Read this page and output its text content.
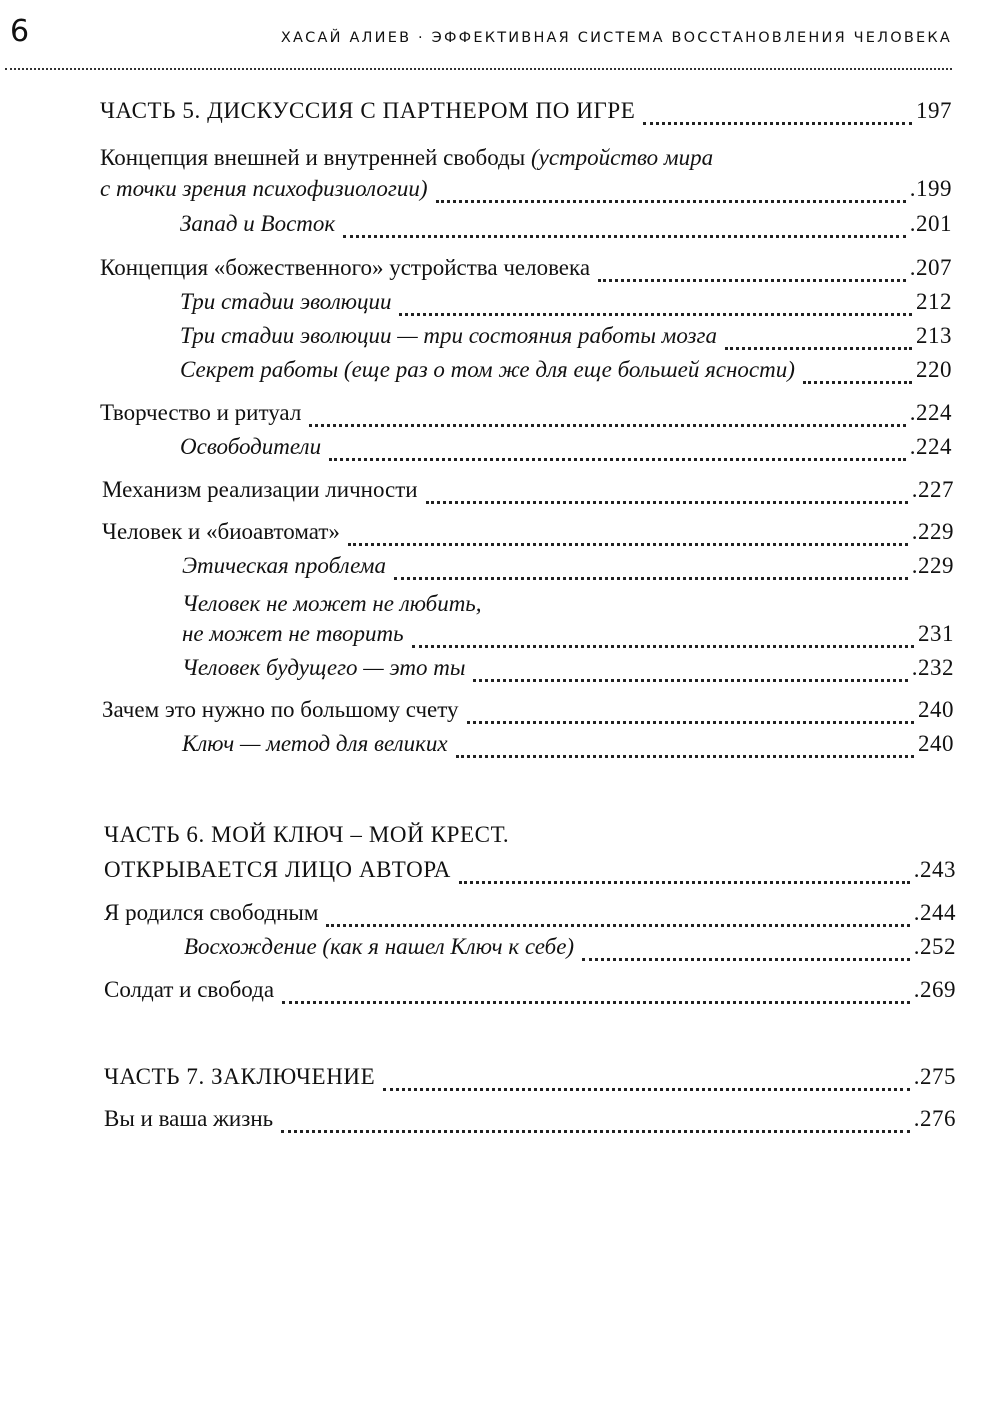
6	ХАСАЙ АЛИЕВ · ЭФФЕКТИВНАЯ СИСТЕМА ВОССТАНОВЛЕНИЯ ЧЕЛОВЕКА
ЧАСТЬ 5. ДИСКУССИЯ С ПАРТНЕРОМ ПО ИГРЕ	197
Концепция внешней и внутренней свободы (устройство мира
с точки зрения психофизиологии)	.199
Запад и Восток	.201
Концепция «божественного» устройства человека	.207
Три стадии эволюции	212
Три стадии эволюции — три состояния работы мозга	213
Секрет работы (еще раз о том же для еще большей ясности)	220
Творчество и ритуал	.224
Освободители	.224
Механизм реализации личности	.227
Человек и «биоавтомат»	.229
Этическая проблема	.229
Человек не может не любить,
не может не творить	231
Человек будущего — это ты	.232
Зачем это нужно по большому счету	240
Ключ — метод для великих	240
ЧАСТЬ 6. МОЙ КЛЮЧ – МОЙ КРЕСТ.
ОТКРЫВАЕТСЯ ЛИЦО АВТОРА	.243
Я родился свободным	.244
Восхождение (как я нашел Ключ к себе)	.252
Солдат и свобода	.269
ЧАСТЬ 7. ЗАКЛЮЧЕНИЕ	.275
Вы и ваша жизнь	.276
